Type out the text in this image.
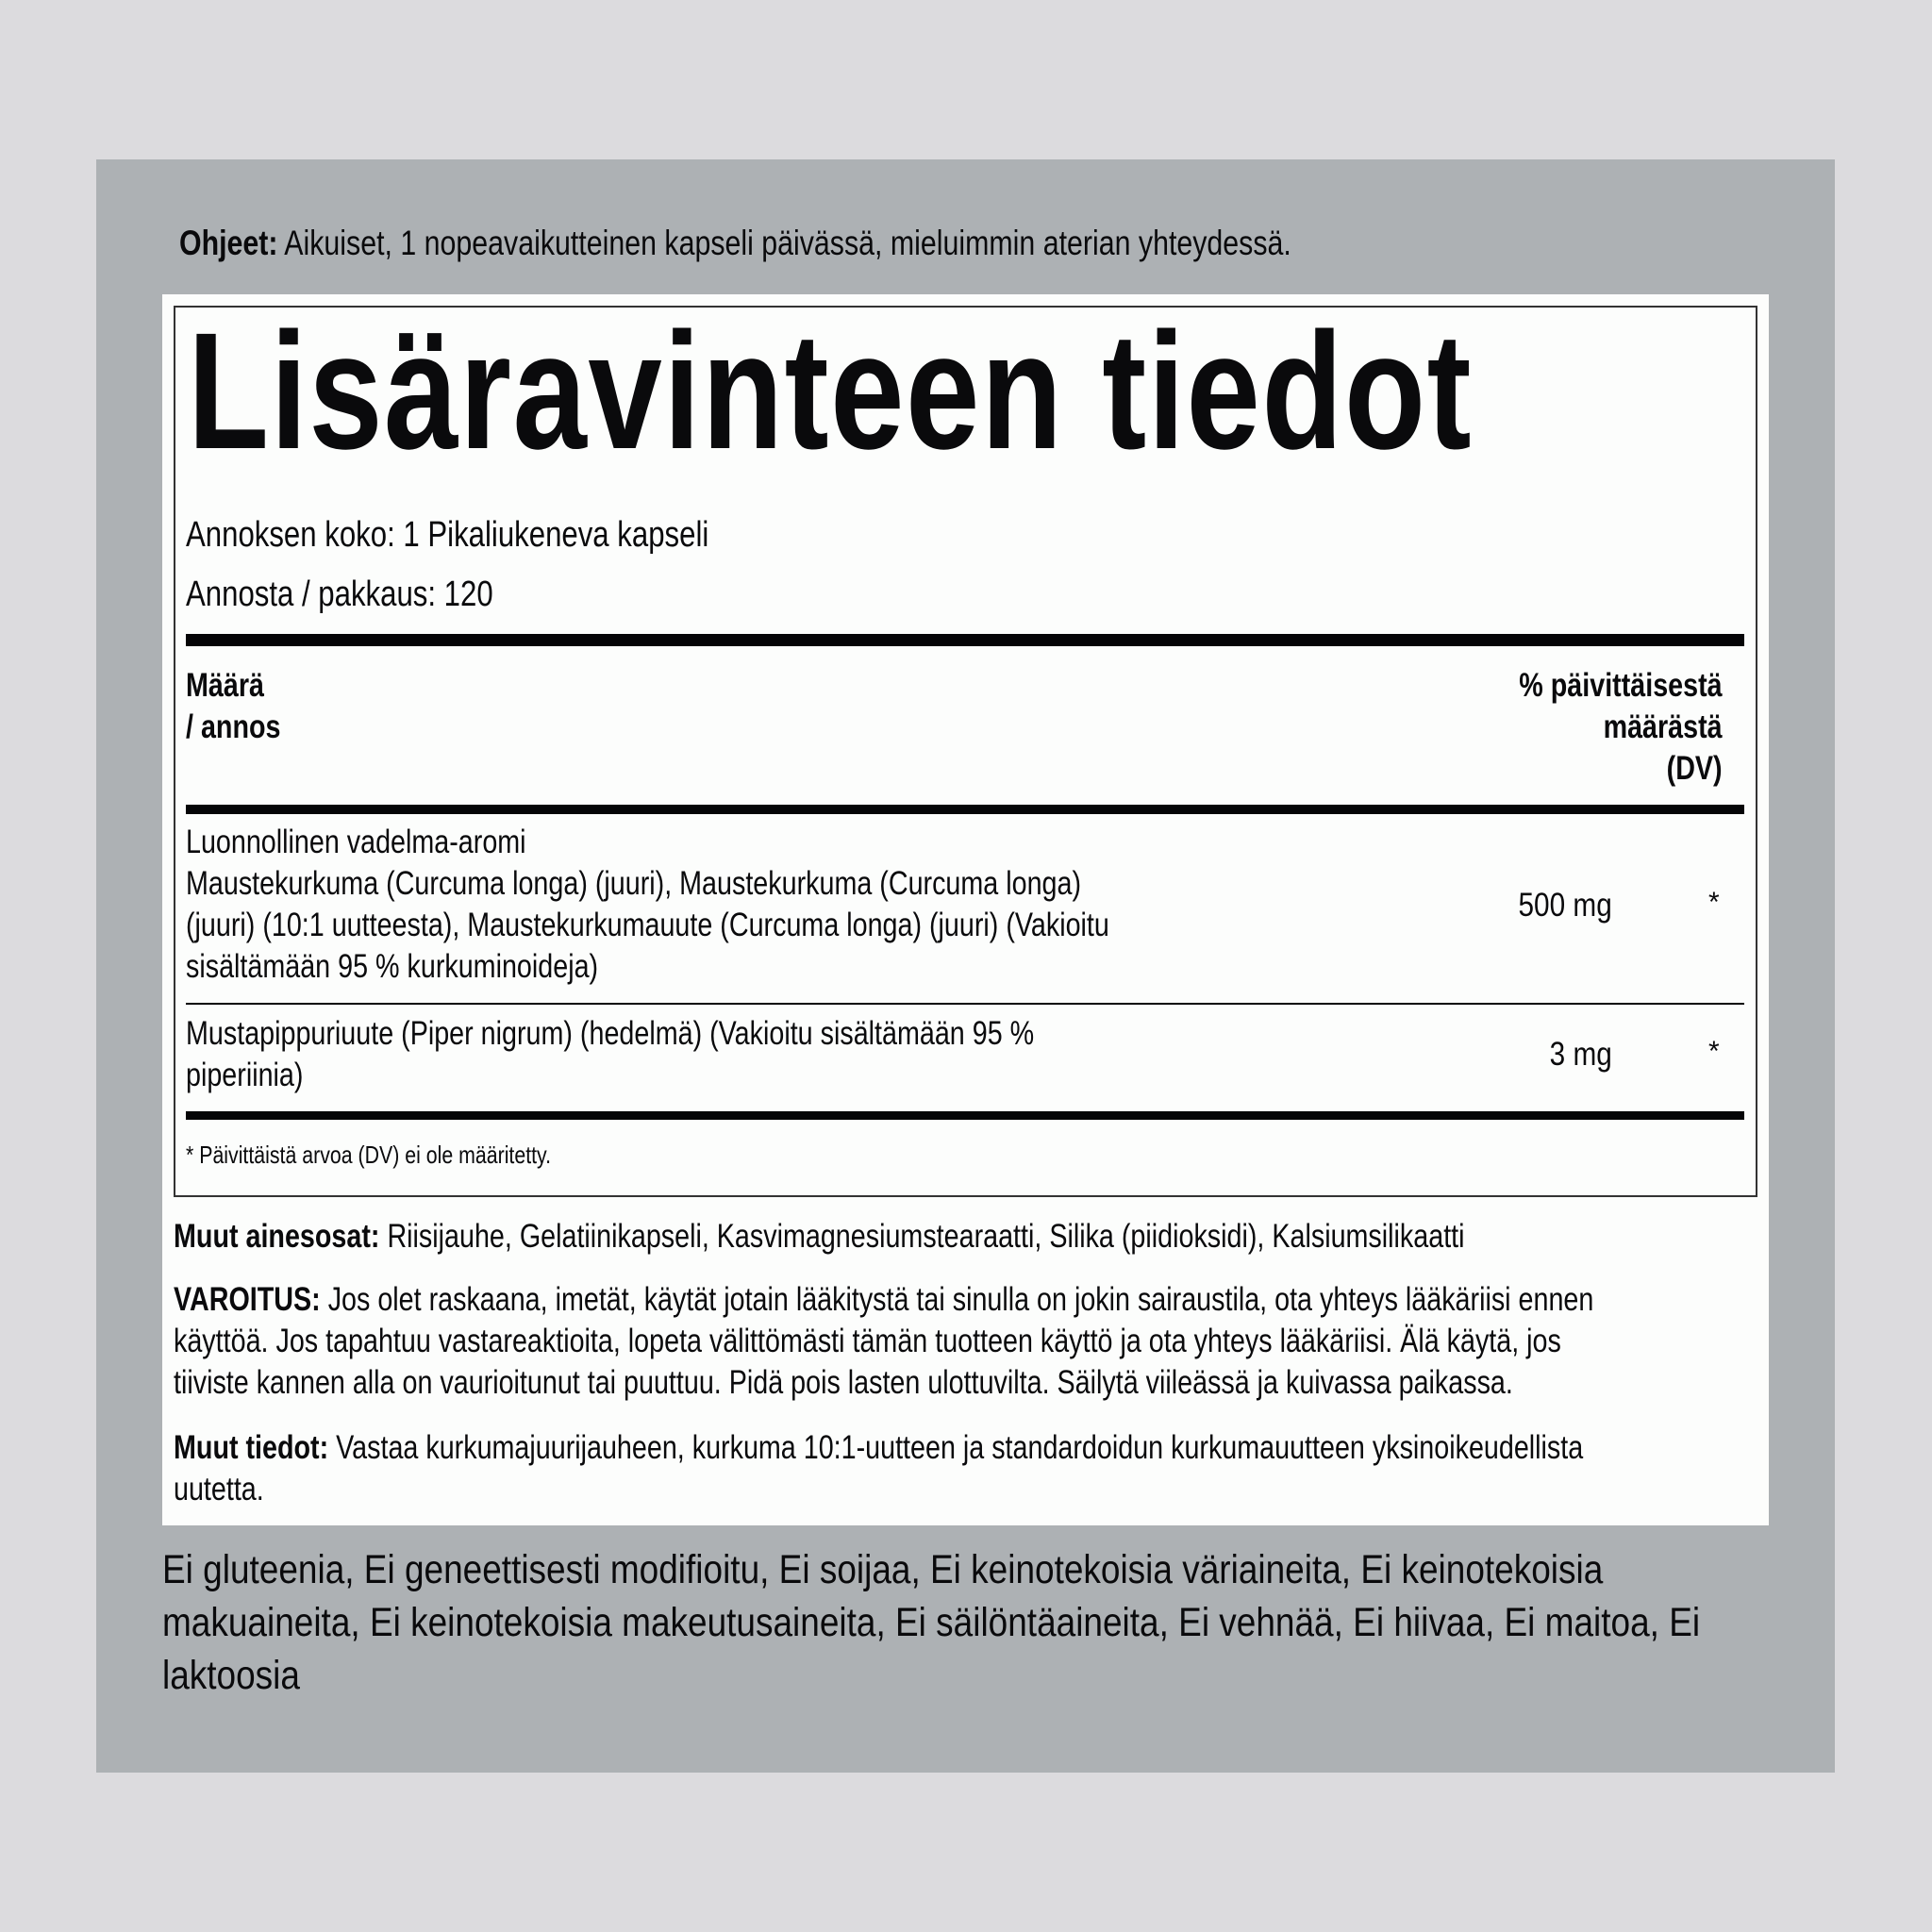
Ohjeet: Aikuiset, 1 nopeavaikutteinen kapseli päivässä, mieluimmin aterian yhteydessä.
Lisäravinteen tiedot
Annoksen koko: 1 Pikaliukeneva kapseli
Annosta / pakkaus: 120
Määrä
/ annos
% päivittäisestä
määrästä
(DV)
Luonnollinen vadelma-aromi
Maustekurkuma (Curcuma longa) (juuri), Maustekurkuma (Curcuma longa)
(juuri) (10:1 uutteesta), Maustekurkumauute (Curcuma longa) (juuri) (Vakioitu
sisältämään 95 % kurkuminoideja)
500 mg	*
Mustapippuriuute (Piper nigrum) (hedelmä) (Vakioitu sisältämään 95 %
piperiinia)
3 mg	*
* Päivittäistä arvoa (DV) ei ole määritetty.
Muut ainesosat: Riisijauhe, Gelatiinikapseli, Kasvimagnesiumstearaatti, Silika (piidioksidi), Kalsiumsilikaatti
VAROITUS: Jos olet raskaana, imetät, käytät jotain lääkitystä tai sinulla on jokin sairaustila, ota yhteys lääkäriisi ennen
käyttöä. Jos tapahtuu vastareaktioita, lopeta välittömästi tämän tuotteen käyttö ja ota yhteys lääkäriisi. Älä käytä, jos
tiiviste kannen alla on vaurioitunut tai puuttuu. Pidä pois lasten ulottuvilta. Säilytä viileässä ja kuivassa paikassa.
Muut tiedot: Vastaa kurkumajuurijauheen, kurkuma 10:1-uutteen ja standardoidun kurkumauutteen yksinoikeudellista
uutetta.
Ei gluteenia, Ei geneettisesti modifioitu, Ei soijaa, Ei keinotekoisia väriaineita, Ei keinotekoisia
makuaineita, Ei keinotekoisia makeutusaineita, Ei säilöntäaineita, Ei vehnää, Ei hiivaa, Ei maitoa, Ei
laktoosia
